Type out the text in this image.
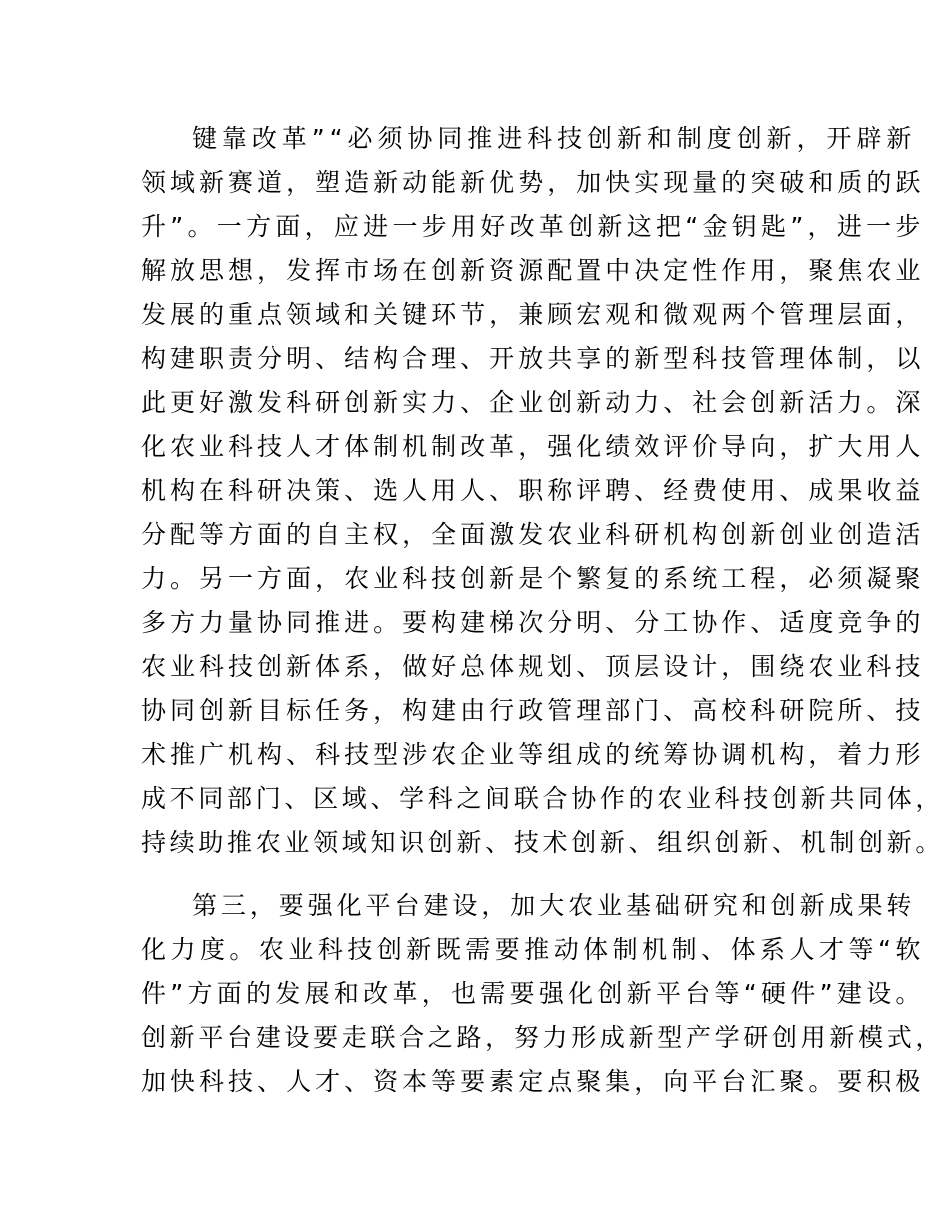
键靠改革”“必须协同推进科技创新和制度创新，开辟新
领域新赛道，塑造新动能新优势，加快实现量的突破和质的跃
升”。一方面，应进一步用好改革创新这把“金钥匙”，进一步
解放思想，发挥市场在创新资源配置中决定性作用，聚焦农业
发展的重点领域和关键环节，兼顾宏观和微观两个管理层面，
构建职责分明、结构合理、开放共享的新型科技管理体制，以
此更好激发科研创新实力、企业创新动力、社会创新活力。深
化农业科技人才体制机制改革，强化绩效评价导向，扩大用人
机构在科研决策、选人用人、职称评聘、经费使用、成果收益
分配等方面的自主权，全面激发农业科研机构创新创业创造活
力。另一方面，农业科技创新是个繁复的系统工程，必须凝聚
多方力量协同推进。要构建梯次分明、分工协作、适度竞争的
农业科技创新体系，做好总体规划、顶层设计，围绕农业科技
协同创新目标任务，构建由行政管理部门、高校科研院所、技
术推广机构、科技型涉农企业等组成的统筹协调机构，着力形
成不同部门、区域、学科之间联合协作的农业科技创新共同体，
持续助推农业领域知识创新、技术创新、组织创新、机制创新。
第三，要强化平台建设，加大农业基础研究和创新成果转
化力度。农业科技创新既需要推动体制机制、体系人才等“软
件”方面的发展和改革，也需要强化创新平台等“硬件”建设。
创新平台建设要走联合之路，努力形成新型产学研创用新模式，
加快科技、人才、资本等要素定点聚集，向平台汇聚。要积极
